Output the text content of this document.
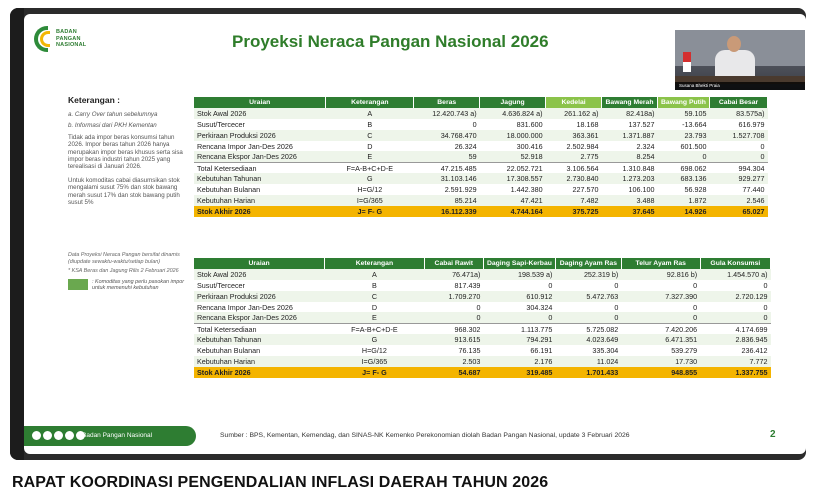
BADAN
PANGAN
NASIONAL	Proyeksi Neraca Pangan Nasional 2026
Susana Bhekti Praia
Keterangan :
a. Carry Over tahun sebelumnya
b. Informasi dari PKH Kementan
Tidak ada impor beras konsumsi tahun 2026. Impor beras tahun 2026 hanya merupakan impor beras khusus serta sisa impor beras industri tahun 2025 yang terealisasi di Januari 2026.
Untuk komoditas cabai diasumsikan stok mengalami susut 75% dan stok bawang merah susut 17% dan stok bawang putih susut 5%
Data Proyeksi Neraca Pangan bersifat dinamis (diupdate sewaktu-waktu/setiap bulan)
* KSA Beras dan Jagung Rilis 2 Februari 2026
: Komoditas yang perlu pasokan impor untuk memenuhi kebutuhan
Uraian	Keterangan	Beras	Jagung	Kedelai	Bawang Merah	Bawang Putih	Cabai Besar
Stok Awal 2026	A	12.420.743 a)	4.636.824 a)	261.162 a)	82.418a)	59.105	83.575a)
Susut/Tercecer	B	0	831.600	18.168	137.527	-13.664	616.979
Perkiraan Produksi 2026	C	34.768.470	18.000.000	363.361	1.371.887	23.793	1.527.708
Rencana Impor Jan-Des 2026	D	26.324	300.416	2.502.984	2.324	601.500	0
Rencana Ekspor Jan-Des 2026	E	59	52.918	2.775	8.254	0	0
Total Ketersediaan	F=A-B+C+D-E	47.215.485	22.052.721	3.106.564	1.310.848	698.062	994.304
Kebutuhan Tahunan	G	31.103.146	17.308.557	2.730.840	1.273.203	683.136	929.277
Kebutuhan Bulanan	H=G/12	2.591.929	1.442.380	227.570	106.100	56.928	77.440
Kebutuhan Harian	I=G/365	85.214	47.421	7.482	3.488	1.872	2.546
Stok Akhir 2026	J= F- G	16.112.339	4.744.164	375.725	37.645	14.926	65.027
Uraian	Keterangan	Cabai Rawit	Daging Sapi-Kerbau	Daging Ayam Ras	Telur Ayam Ras	Gula Konsumsi
Stok Awal 2026	A	76.471a)	198.539 a)	252.319 b)	92.816 b)	1.454.570 a)
Susut/Tercecer	B	817.439	0	0	0	0
Perkiraan Produksi 2026	C	1.709.270	610.912	5.472.763	7.327.390	2.720.129
Rencana Impor Jan-Des 2026	D	0	304.324	0	0	0
Rencana Ekspor Jan-Des 2026	E	0	0	0	0	0
Total Ketersediaan	F=A-B+C+D-E	968.302	1.113.775	5.725.082	7.420.206	4.174.699
Kebutuhan Tahunan	G	913.615	794.291	4.023.649	6.471.351	2.836.945
Kebutuhan Bulanan	H=G/12	76.135	66.191	335.304	539.279	236.412
Kebutuhan Harian	I=G/365	2.503	2.176	11.024	17.730	7.772
Stok Akhir 2026	J= F- G	54.687	319.485	1.701.433	948.855	1.337.755
Badan Pangan Nasional	Sumber : BPS, Kementan, Kemendag, dan SINAS-NK Kemenko Perekonomian diolah Badan Pangan Nasional, update 3 Februari 2026	2
RAPAT KOORDINASI PENGENDALIAN INFLASI DAERAH TAHUN 2026
